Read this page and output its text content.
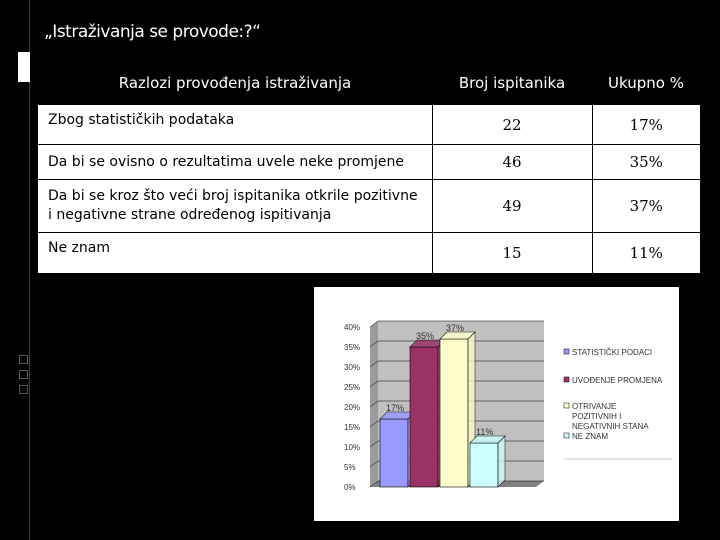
„Istraživanja se provode:?“
Razlozi provođenja istraživanja	Broj ispitanika	Ukupno %
Zbog statističkih podataka	22	17%
Da bi se ovisno o rezultatima uvele neke promjene	46	35%
Da bi se kroz što veći broj ispitanika otkrile pozitivne i negativne strane određenog ispitivanja	49	37%
Ne znam	15	11%
0%
5%
10%
15%
20%
25%
30%
35%
40%
17%
35%
37%
11%
STATISTIČKI PODACI
UVOĐENJE PROMJENA
OTRIVANJE
POZITIVNIH I
NEGATIVNIH STANA
NE ZNAM
